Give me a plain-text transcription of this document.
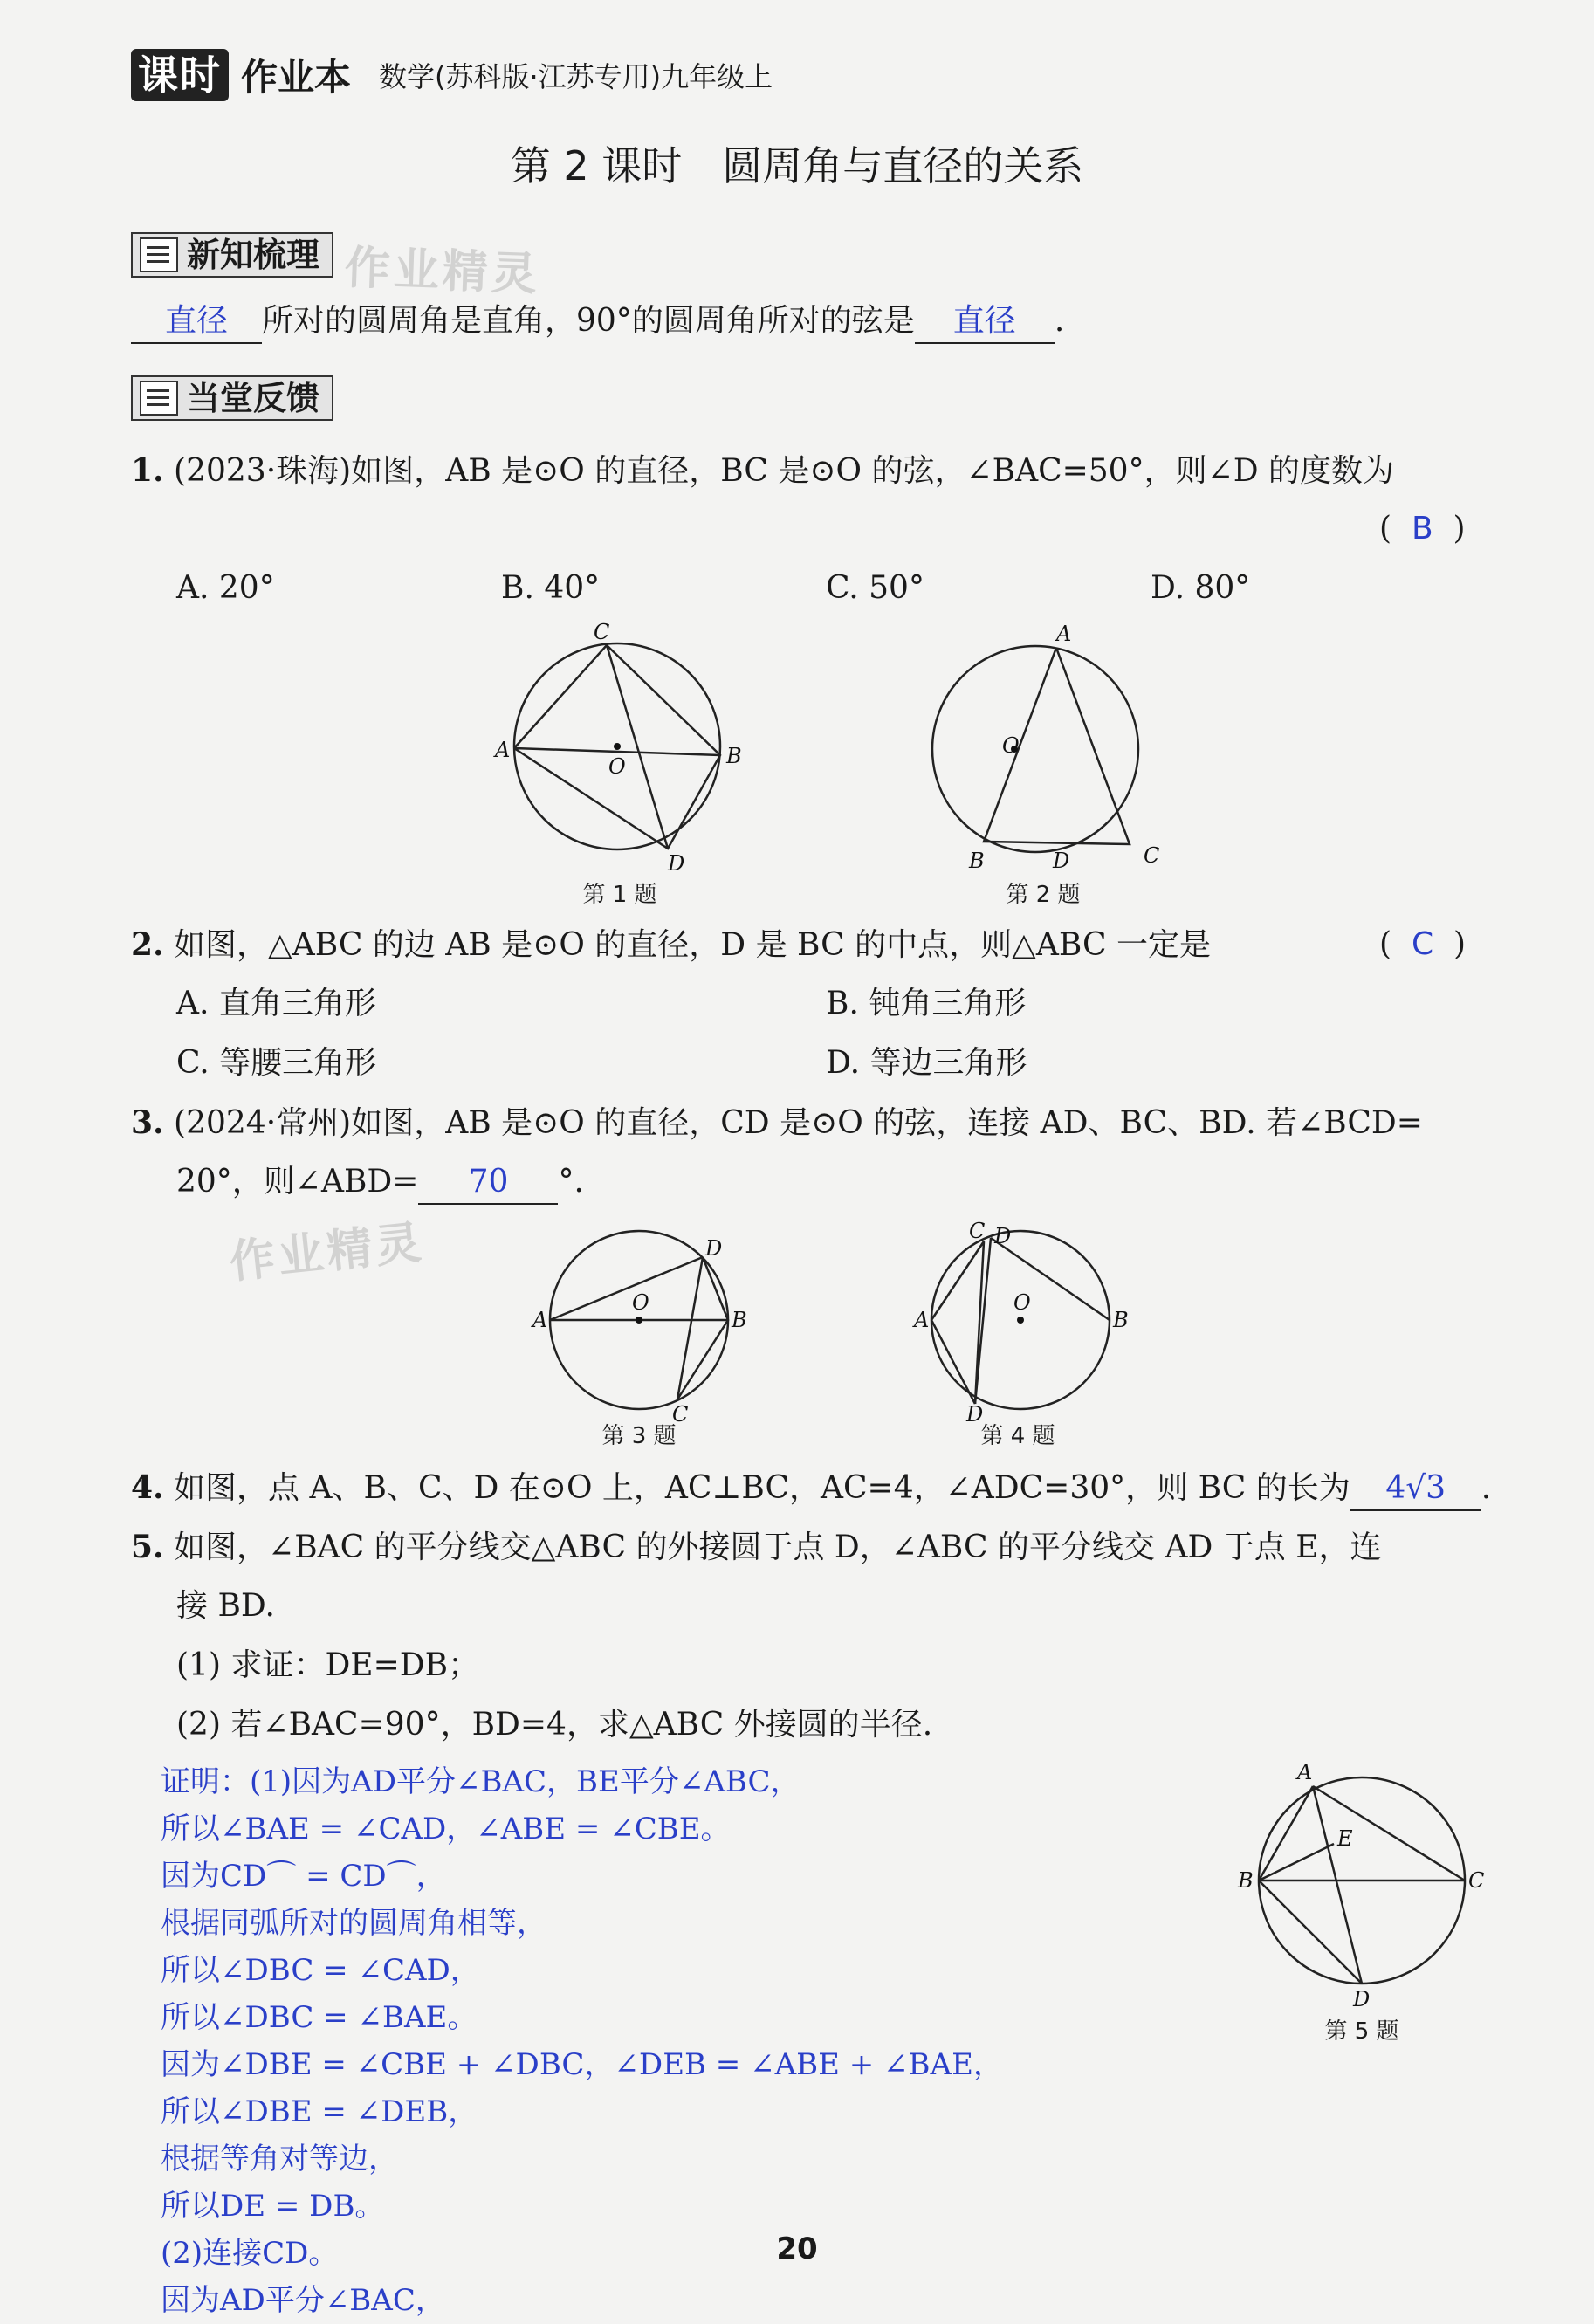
课时 作业本 数学(苏科版·江苏专用)九年级上
第 2 课时　圆周角与直径的关系
新知梳理 作业精灵
直径 所对的圆周角是直角，90°的圆周角所对的弦是 直径 .
当堂反馈
1. (2023·珠海)如图，AB 是⊙O 的直径，BC 是⊙O 的弦，∠BAC=50°，则∠D 的度数为
(  B  )
A. 20°	B. 40°	C. 50°	D. 80°
C
A
O	B
D
第 1 题
A
O
B	D	C
第 2 题
2. 如图，△ABC 的边 AB 是⊙O 的直径，D 是 BC 的中点，则△ABC 一定是	(  C  )
A. 直角三角形	B. 钝角三角形
C. 等腰三角形	D. 等边三角形
3. (2024·常州)如图，AB 是⊙O 的直径，CD 是⊙O 的弦，连接 AD、BC、BD. 若∠BCD=
20°，则∠ABD= 70 °.
作业精灵	D
A
O
B
C
第 3 题
C D
A
O
B
D
第 4 题
4. 如图，点 A、B、C、D 在⊙O 上，AC⊥BC，AC=4，∠ADC=30°，则 BC 的长为 4√3 .
5. 如图，∠BAC 的平分线交△ABC 的外接圆于点 D，∠ABC 的平分线交 AD 于点 E，连
接 BD.
(1) 求证：DE=DB；
(2) 若∠BAC=90°，BD=4，求△ABC 外接圆的半径.
证明：(1)因为AD平分∠BAC，BE平分∠ABC，
所以∠BAE = ∠CAD，∠ABE = ∠CBE。
因为CD⌒ = CD⌒，
根据同弧所对的圆周角相等，
所以∠DBC = ∠CAD，
所以∠DBC = ∠BAE。
因为∠DBE = ∠CBE + ∠DBC，∠DEB = ∠ABE + ∠BAE，
所以∠DBE = ∠DEB，
根据等角对等边，
所以DE = DB。
(2)连接CD。
因为AD平分∠BAC，
A
E
B	C
D
第 5 题
20
